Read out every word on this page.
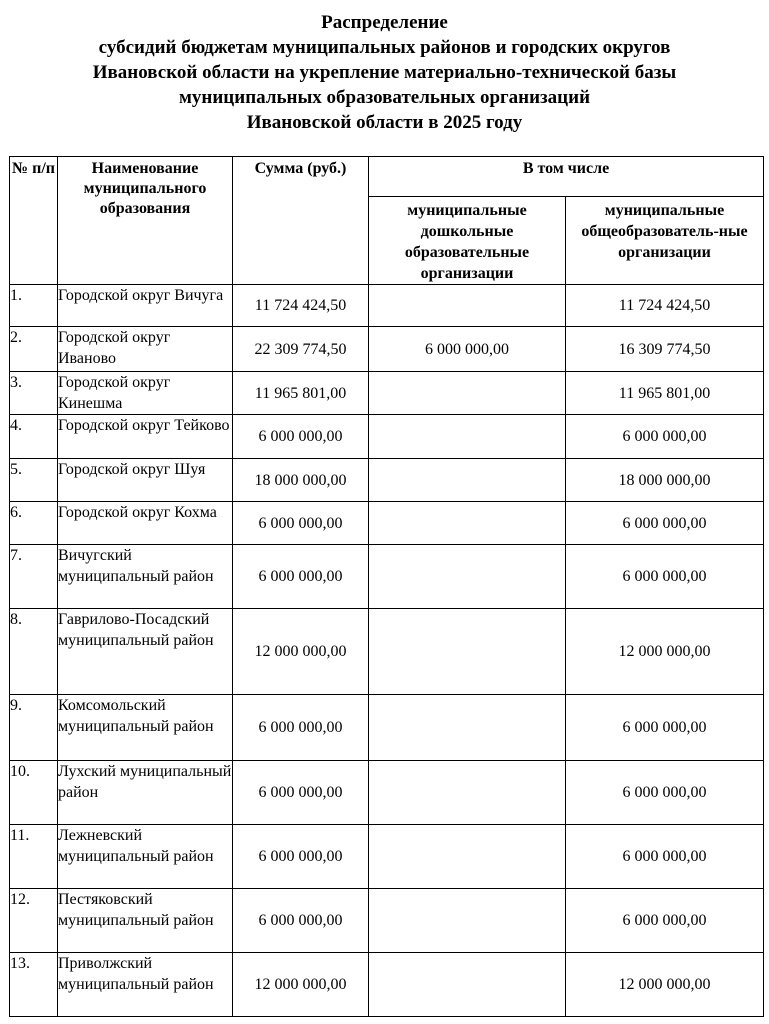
Распределение
субсидий бюджетам муниципальных районов и городских округов
Ивановской области на укрепление материально-технической базы
муниципальных образовательных организаций
Ивановской области в 2025 году
№ п/п	Наименование муниципального образования	Сумма (руб.)	В том числе	
			муниципальные дошкольные образовательные организации	муниципальные общеобразователь-ные организации
1.	Городской округ Вичуга	11 724 424,50		11 724 424,50
2.	Городской округ Иваново	22 309 774,50	6 000 000,00	16 309 774,50
3.	Городской округ Кинешма	11 965 801,00		11 965 801,00
4.	Городской округ Тейково	6 000 000,00		6 000 000,00
5.	Городской округ Шуя	18 000 000,00		18 000 000,00
6.	Городской округ Кохма	6 000 000,00		6 000 000,00
7.	Вичугский муниципальный район	6 000 000,00		6 000 000,00
8.	Гаврилово-Посадский муниципальный район	12 000 000,00		12 000 000,00
9.	Комсомольский муниципальный район	6 000 000,00		6 000 000,00
10.	Лухский муниципальный район	6 000 000,00		6 000 000,00
11.	Лежневский муниципальный район	6 000 000,00		6 000 000,00
12.	Пестяковский муниципальный район	6 000 000,00		6 000 000,00
13.	Приволжский муниципальный район	12 000 000,00		12 000 000,00
